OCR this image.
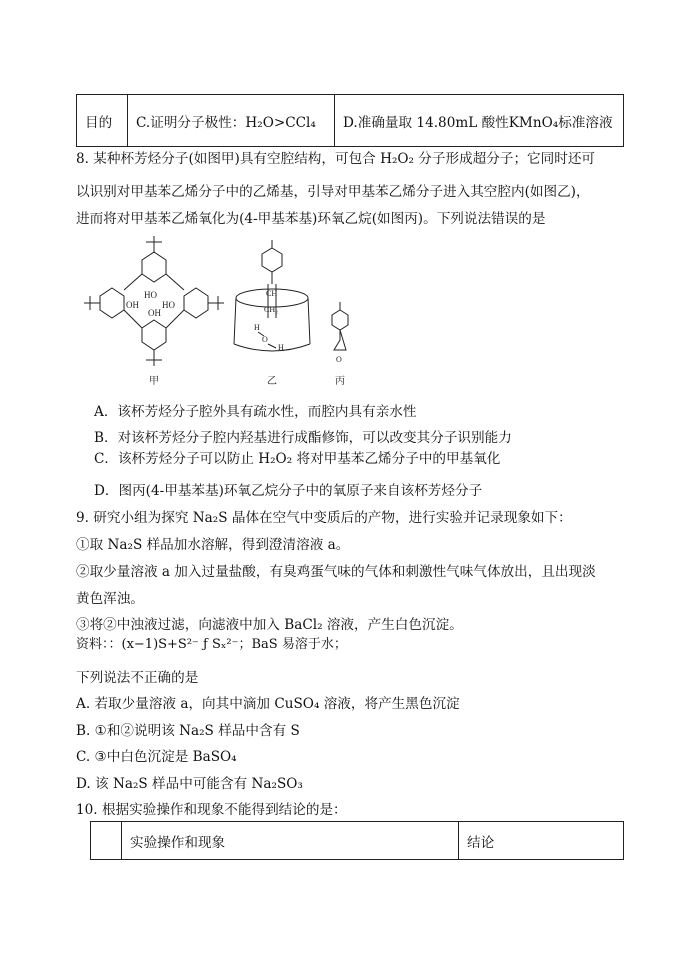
目的	C.证明分子极性：H₂O>CCl₄	D.准确量取 14.80mL 酸性KMnO₄标准溶液
8. 某种杯芳烃分子(如图甲)具有空腔结构，可包合 H₂O₂ 分子形成超分子；它同时还可
以识别对甲基苯乙烯分子中的乙烯基，引导对甲基苯乙烯分子进入其空腔内(如图乙)，
进而将对甲基苯乙烯氧化为(4-甲基苯基)环氧乙烷(如图丙)。下列说法错误的是
HO
OH	HO
OH
甲
CH
CH₂
H
O
H
乙
O
丙
A．该杯芳烃分子腔外具有疏水性，而腔内具有亲水性
B．对该杯芳烃分子腔内羟基进行成酯修饰，可以改变其分子识别能力
C．该杯芳烃分子可以防止 H₂O₂ 将对甲基苯乙烯分子中的甲基氧化
D．图丙(4-甲基苯基)环氧乙烷分子中的氧原子来自该杯芳烃分子
9. 研究小组为探究 Na₂S 晶体在空气中变质后的产物，进行实验并记录现象如下：
①取 Na₂S 样品加水溶解，得到澄清溶液 a。
②取少量溶液 a 加入过量盐酸，有臭鸡蛋气味的气体和刺激性气味气体放出，且出现淡
黄色浑浊。
③将②中浊液过滤，向滤液中加入 BaCl₂ 溶液，产生白色沉淀。
资料：：(x−1)S+S²⁻ ƒ Sₓ²⁻；BaS 易溶于水；
下列说法不正确的是
A. 若取少量溶液 a，向其中滴加 CuSO₄ 溶液，将产生黑色沉淀
B. ①和②说明该 Na₂S 样品中含有 S
C. ③中白色沉淀是 BaSO₄
D. 该 Na₂S 样品中可能含有 Na₂SO₃
10. 根据实验操作和现象不能得到结论的是：
	实验操作和现象	结论
